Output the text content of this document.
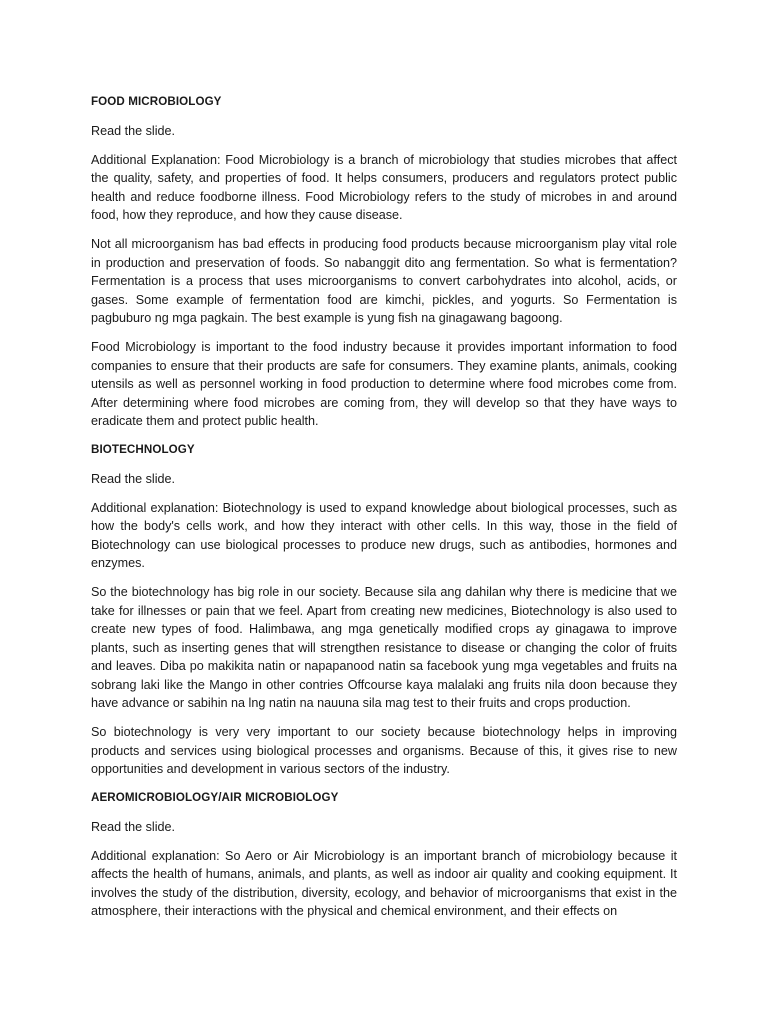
FOOD MICROBIOLOGY

Read the slide.

Additional Explanation: Food Microbiology is a branch of microbiology that studies microbes that affect the quality, safety, and properties of food. It helps consumers, producers and regulators protect public health and reduce foodborne illness. Food Microbiology refers to the study of microbes in and around food, how they reproduce, and how they cause disease.

Not all microorganism has bad effects in producing food products because microorganism play vital role in production and preservation of foods. So nabanggit dito ang fermentation. So what is fermentation? Fermentation is a process that uses microorganisms to convert carbohydrates into alcohol, acids, or gases. Some example of fermentation food are kimchi, pickles, and yogurts. So Fermentation is pagbuburo ng mga pagkain. The best example is yung fish na ginagawang bagoong.

Food Microbiology is important to the food industry because it provides important information to food companies to ensure that their products are safe for consumers. They examine plants, animals, cooking utensils as well as personnel working in food production to determine where food microbes come from. After determining where food microbes are coming from, they will develop so that they have ways to eradicate them and protect public health.

BIOTECHNOLOGY

Read the slide.

Additional explanation: Biotechnology is used to expand knowledge about biological processes, such as how the body's cells work, and how they interact with other cells. In this way, those in the field of Biotechnology can use biological processes to produce new drugs, such as antibodies, hormones and enzymes.

So the biotechnology has big role in our society. Because sila ang dahilan why there is medicine that we take for illnesses or pain that we feel. Apart from creating new medicines, Biotechnology is also used to create new types of food. Halimbawa, ang mga genetically modified crops ay ginagawa to improve plants, such as inserting genes that will strengthen resistance to disease or changing the color of fruits and leaves. Diba po makikita natin or napapanood natin sa facebook yung mga vegetables and fruits na sobrang laki like the Mango in other contries Offcourse kaya malalaki ang fruits nila doon because they have advance or sabihin na lng natin na nauuna sila mag test to their fruits and crops production.

So biotechnology is very very important to our society because biotechnology helps in improving products and services using biological processes and organisms. Because of this, it gives rise to new opportunities and development in various sectors of the industry.

AEROMICROBIOLOGY/AIR MICROBIOLOGY

Read the slide.

Additional explanation: So Aero or Air Microbiology is an important branch of microbiology because it affects the health of humans, animals, and plants, as well as indoor air quality and cooking equipment. It involves the study of the distribution, diversity, ecology, and behavior of microorganisms that exist in the atmosphere, their interactions with the physical and chemical environment, and their effects on
